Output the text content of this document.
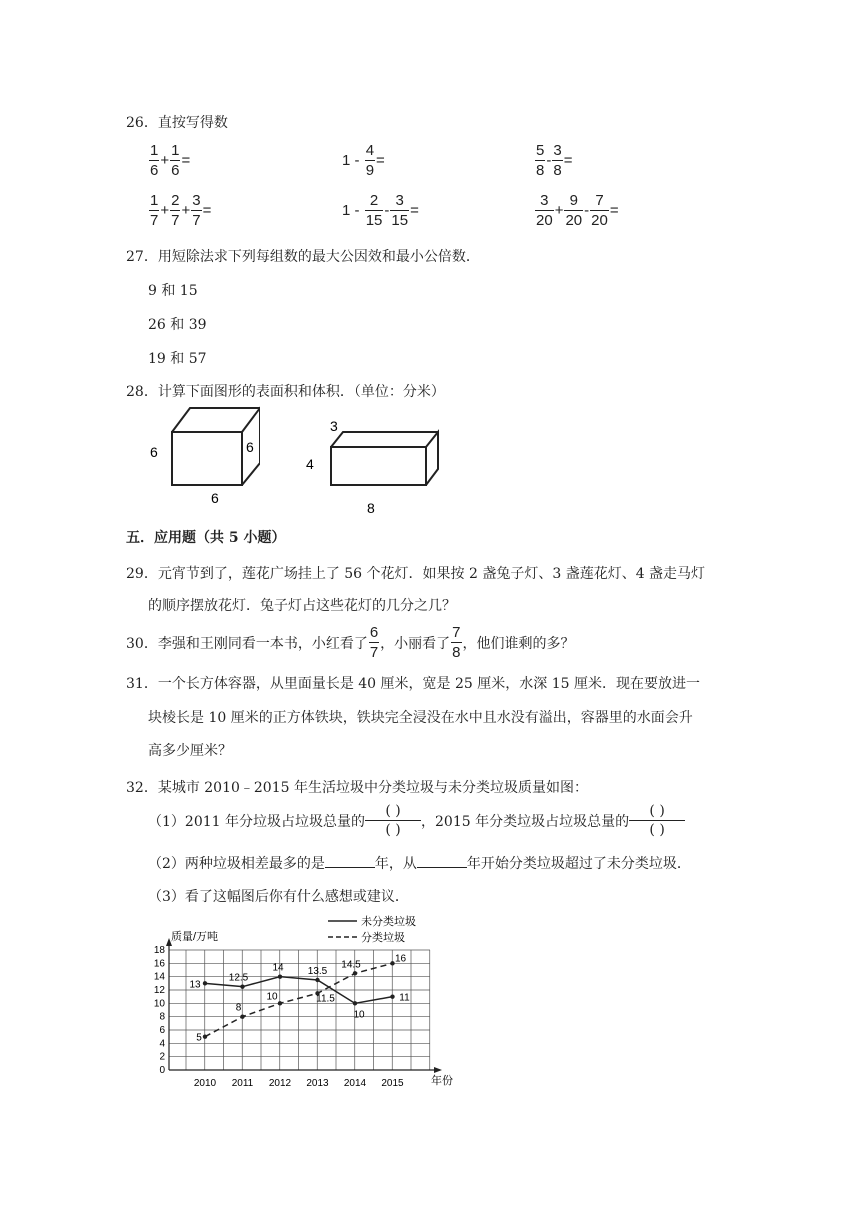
26．直按写得数
$\frac{1}{6} + \frac{1}{6}$ =	$1 - \frac{4}{9}$ =	$\frac{5}{8} - \frac{3}{8}$ =
$\frac{1}{7} + \frac{2}{7} + \frac{3}{7}$ =	$1 - \frac{2}{15} - \frac{3}{15}$ =	$\frac{3}{20} + \frac{9}{20} - \frac{7}{20}$ =
27．用短除法求下列每组数的最大公因效和最小公倍数．
9 和 15
26 和 39
19 和 57
28．计算下面图形的表面积和体积．（单位：分米）
6	6
6
3
4
8
五．应用题（共 5 小题）
29．元宵节到了，莲花广场挂上了 56 个花灯．如果按 2 盏兔子灯、3 盏莲花灯、4 盏走马灯
的顺序摆放花灯．兔子灯占这些花灯的几分之几？
30．李强和王刚同看一本书，小红看了 $\frac{6}{7}$ ，小丽看了 $\frac{7}{8}$ ，他们谁剩的多？
31．一个长方体容器，从里面量长是 40 厘米，宽是 25 厘米，水深 15 厘米．现在要放进一
块棱长是 10 厘米的正方体铁块，铁块完全浸没在水中且水没有溢出，容器里的水面会升
高多少厘米？
32．某城市 2010﹣2015 年生活垃圾中分类垃圾与未分类垃圾质量如图：
（1）2011 年分垃圾占垃圾总量的
( )
( )
，2015 年分类垃圾占垃圾总量的
( )
( )
（2）两种垃圾相差最多的是	年，从	年开始分类垃圾超过了未分类垃圾．
（3）看了这幅图后你有什么感想或建议．
0
2
4
6
8
10
12
14
16
18
2010 2011 2012 2013 2014 2015
13
12.5
14 13.5
10
11
5
8
10	11.5
14.5
16
未分类垃圾
分类垃圾
质量/万吨
年份
